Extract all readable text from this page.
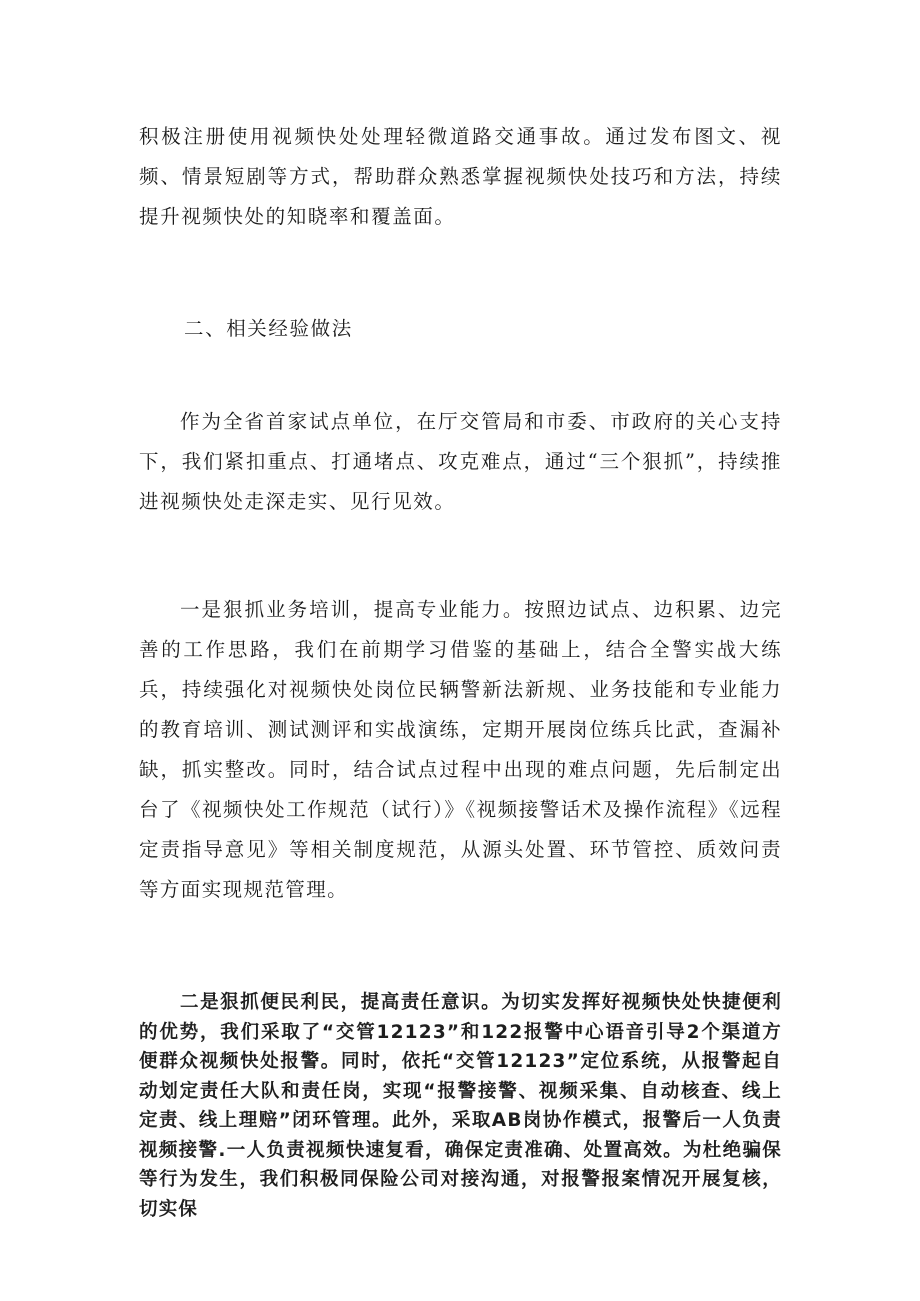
积极注册使用视频快处处理轻微道路交通事故。通过发布图文、视频、情景短剧等方式，帮助群众熟悉掌握视频快处技巧和方法，持续提升视频快处的知晓率和覆盖面。

二、相关经验做法

作为全省首家试点单位，在厅交管局和市委、市政府的关心支持下，我们紧扣重点、打通堵点、攻克难点，通过“三个狠抓”，持续推进视频快处走深走实、见行见效。

一是狠抓业务培训，提高专业能力。按照边试点、边积累、边完善的工作思路，我们在前期学习借鉴的基础上，结合全警实战大练兵，持续强化对视频快处岗位民辆警新法新规、业务技能和专业能力的教育培训、测试测评和实战演练，定期开展岗位练兵比武，查漏补缺，抓实整改。同时，结合试点过程中出现的难点问题，先后制定出台了《视频快处工作规范（试行）》《视频接警话术及操作流程》《远程定责指导意见》等相关制度规范，从源头处置、环节管控、质效问责等方面实现规范管理。

二是狠抓便民利民，提高责任意识。为切实发挥好视频快处快捷便利的优势，我们采取了“交管12123”和122报警中心语音引导2个渠道方便群众视频快处报警。同时，依托“交管12123”定位系统，从报警起自动划定责任大队和责任岗，实现“报警接警、视频采集、自动核查、线上定责、线上理赔”闭环管理。此外，采取AB岗协作模式，报警后一人负责视频接警.一人负责视频快速复看，确保定责准确、处置高效。为杜绝骗保等行为发生，我们积极同保险公司对接沟通，对报警报案情况开展复核，切实保
